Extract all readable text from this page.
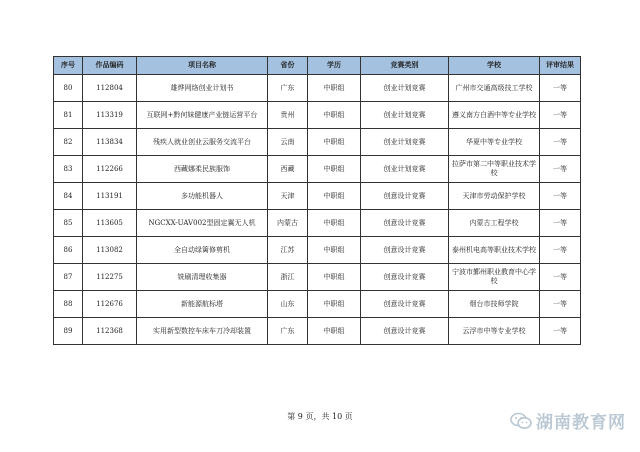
序号	作品编码	项目名称	省份	学历	竞赛类别	学校	评审结果
80	112804	雄烨网络创业计划书	广东	中职组	创业计划竞赛	广州市交通高级技工学校	一等
81	113319	互联网+黔何妹健康产业链运营平台	贵州	中职组	创业计划竞赛	遵义南方白酒中等专业学校	一等
82	113834	残疾人就业创业云服务交流平台	云南	中职组	创业计划竞赛	华夏中等专业学校	一等
83	112266	西藏娜柔民族服饰	西藏	中职组	创业计划竞赛	拉萨市第二中等职业技术学校	一等
84	113191	多功能机器人	天津	中职组	创意设计竞赛	天津市劳动保护学校	一等
85	113605	NGCXX-UAV002型固定翼无人机	内蒙古	中职组	创意设计竞赛	内蒙古工程学校	一等
86	113082	全自动绿篱修剪机	江苏	中职组	创意设计竞赛	泰州机电高等职业技术学校	一等
87	112275	铣刷清理收集器	浙江	中职组	创意设计竞赛	宁波市鄞州职业教育中心学校	一等
88	112676	新能源航标塔	山东	中职组	创意设计竞赛	烟台市技师学院	一等
89	112368	实用新型数控车床车刀冷却装置	广东	中职组	创意设计竞赛	云浮市中等专业学校	一等
第 9 页，共 10 页	湖南教育网
